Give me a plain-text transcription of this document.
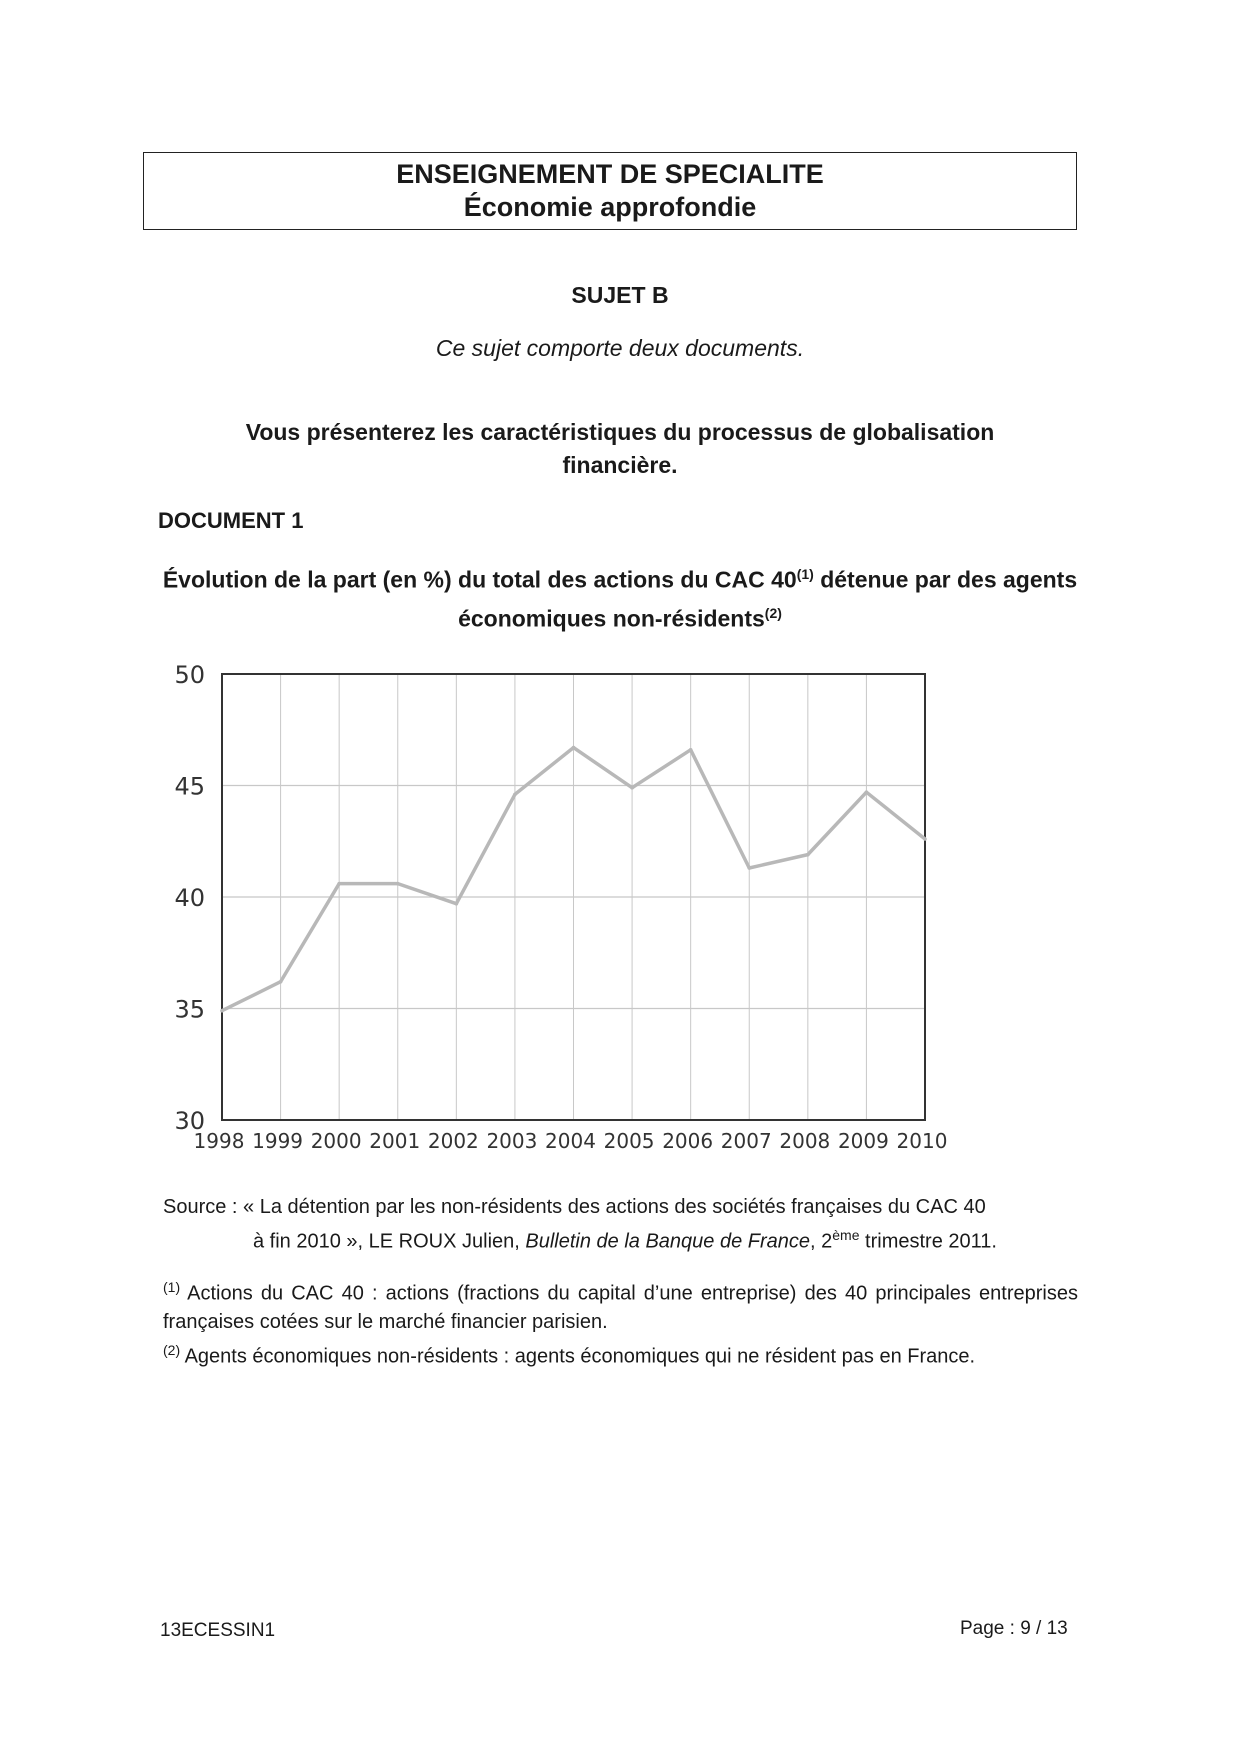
ENSEIGNEMENT DE SPECIALITE
Économie approfondie
SUJET B
Ce sujet comporte deux documents.
Vous présenterez les caractéristiques du processus de globalisation financière.
DOCUMENT 1
Évolution de la part (en %) du total des actions du CAC 40$^{(1)}$ détenue par des agents économiques non-résidents$^{(2)}$
30
35
40
45
50
1998 1999 2000 2001 2002 2003 2004 2005 2006 2007 2008 2009 2010
Source : « La détention par les non-résidents des actions des sociétés françaises du CAC 40
à fin 2010 », LE ROUX Julien, Bulletin de la Banque de France, 2ème trimestre 2011.
$^{(1)}$ Actions du CAC 40 : actions (fractions du capital d’une entreprise) des 40 principales entreprises françaises cotées sur le marché financier parisien.
$^{(2)}$ Agents économiques non-résidents : agents économiques qui ne résident pas en France.
13ECESSIN1	Page : 9 / 13
